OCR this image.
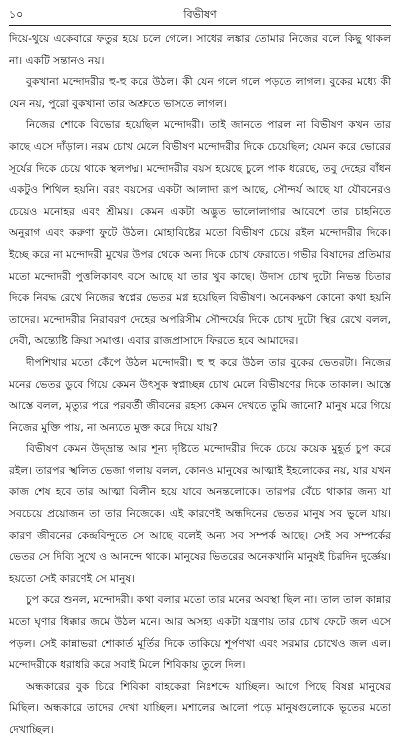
১০	বিভীষণ

দিয়ে-থুয়ে একেবারে ফতুর হয়ে চলে গেলে। সাধের লঙ্কার তোমার নিজের বলে কিছু থাকল না। একটি সন্তানও নয়।

বুকখানা মন্দোদরীর হু-হু করে উঠল। কী যেন গলে গলে পড়তে লাগল। বুকের মধ্যে কী যেন নয়, পুরো বুকখানা তার অশ্রুতে ভাসতে লাগল।

নিজের শোকে বিভোর হয়েছিল মন্দোদরী। তাই জানতে পারল না বিভীষণ কখন তার কাছে এসে দাঁড়াল। নরম চোখ মেলে বিভীষণ মন্দোদরীর দিকে চেয়েছিল; যেমন করে ভোরের সূর্যের দিকে চেয়ে থাকে স্থলপদ্ম। মন্দোদরীর বয়স হয়েছে চুলে পাক ধরেছে, তবু দেহের বাঁধন একটুও শিথিল হয়নি। বরং বয়সের একটা আলাদা রূপ আছে, সৌন্দর্য আছে যা যৌবনেরও চেয়েও মনোহর এবং শ্রীময়। কেমন একটা অদ্ভুত ভালোলাগার আবেশে তার চাহনিতে অনুরাগ এবং করুণা ফুটে উঠল। মোহাবিষ্টের মতো বিভীষণ চেয়ে রইল মন্দোদরীর দিকে। ইচ্ছে করে না মন্দোদরী মুখের উপর থেকে অন্য দিকে চোখ ফেরাতে। গভীর বিষাদের প্রতিমার মতো মন্দোদরী পুত্তলিকাবৎ বসে আছে যা তার খুব কাছে। উদাস চোখ দুটো নিভন্ত চিতার দিকে নিবদ্ধ রেখে নিজের স্বপ্নের ভেতর মগ্ন হয়েছিল বিভীষণ। অনেকক্ষণ কোনো কথা হয়নি তাদের। মন্দোদরীর নিরাবরণ দেহের অপরিসীম সৌন্দর্যের দিকে চোখ দুটো স্থির রেখে বলল, দেবী, অন্ত্যেষ্টি ক্রিয়া সমাপ্ত। এবার রাজপ্রাসাদে ফিরতে হবে আমাদের।

দীপশিখার মতো কেঁপে উঠল মন্দোদরী। হু হু করে উঠল তার বুকের ভেতরটা। নিজের মনের ভেতর ডুবে গিয়ে কেমন উৎসুক স্বপ্নাচ্ছন্ন চোখ মেলে বিভীষণের দিকে তাকাল। আস্তে আস্তে বলল, মৃত্যুর পরে পরবর্তী জীবনের রহস্য কেমন দেখতে তুমি জানো? মানুষ মরে গিয়ে নিজের মুক্তি পায়, না অন্যতে মুক্ত করে দিয়ে যায়?

বিভীষণ কেমন উদ্‌ভ্রান্ত আর শূন্য দৃষ্টিতে মন্দোদরীর দিকে চেয়ে কয়েক মুহূর্ত চুপ করে রইল। তারপর স্খলিত ভেজা গলায় বলল, কোনও মানুষের আত্মাই ইহলোকের নয়, যার যখন কাজ শেষ হবে তার আত্মা বিলীন হয়ে যাবে অনন্তলোকে। তারপর বেঁচে থাকার জন্য যা সবচেয়ে প্রয়োজন তা তার নিজেকে। এই কারণেই অন্ধদিনের ভেতর মানুষ সব ভুলে যায়। কারণ জীবনের কেন্দ্রবিন্দুতে সে আছে বলেই অন্য সব সম্পর্ক আছে। সেই সব সম্পর্কের ভেতর সে দিব্যি সুখে ও আনন্দে থাকে। মানুষের ভিতরের অনেকখানি মানুষই চিরদিন দুর্জ্ঞেয়। হয়তো সেই কারণেই সে মানুষ।

চুপ করে শুনল, মন্দোদরী। কথা বলার মতো তার মনের অবস্থা ছিল না। তাল তাল কান্নার মতো ঘৃণার ধিক্কার জমে উঠল মনে। আর অসহ্য একটা যন্ত্রণায় তার চোখ ফেটে জল এসে পড়ল। সেই কান্নাভরা শোকার্ত মূর্তির দিকে তাকিয়ে শূর্পণখা এবং সরমার চোখেও জল এল। মন্দোদরীকে ধরাধরি করে সবাই মিলে শিবিকায় তুলে দিল।

অন্ধকারের বুক চিরে শিবিকা বাহকেরা নিঃশব্দে যাচ্ছিল। আগে পিছে বিষণ্ণ মানুষের মিছিল। অন্ধকারে তাদের দেখা যাচ্ছিল। মশালের আলো পড়ে মানুষগুলোকে ভূতের মতো দেখাচ্ছিল।
